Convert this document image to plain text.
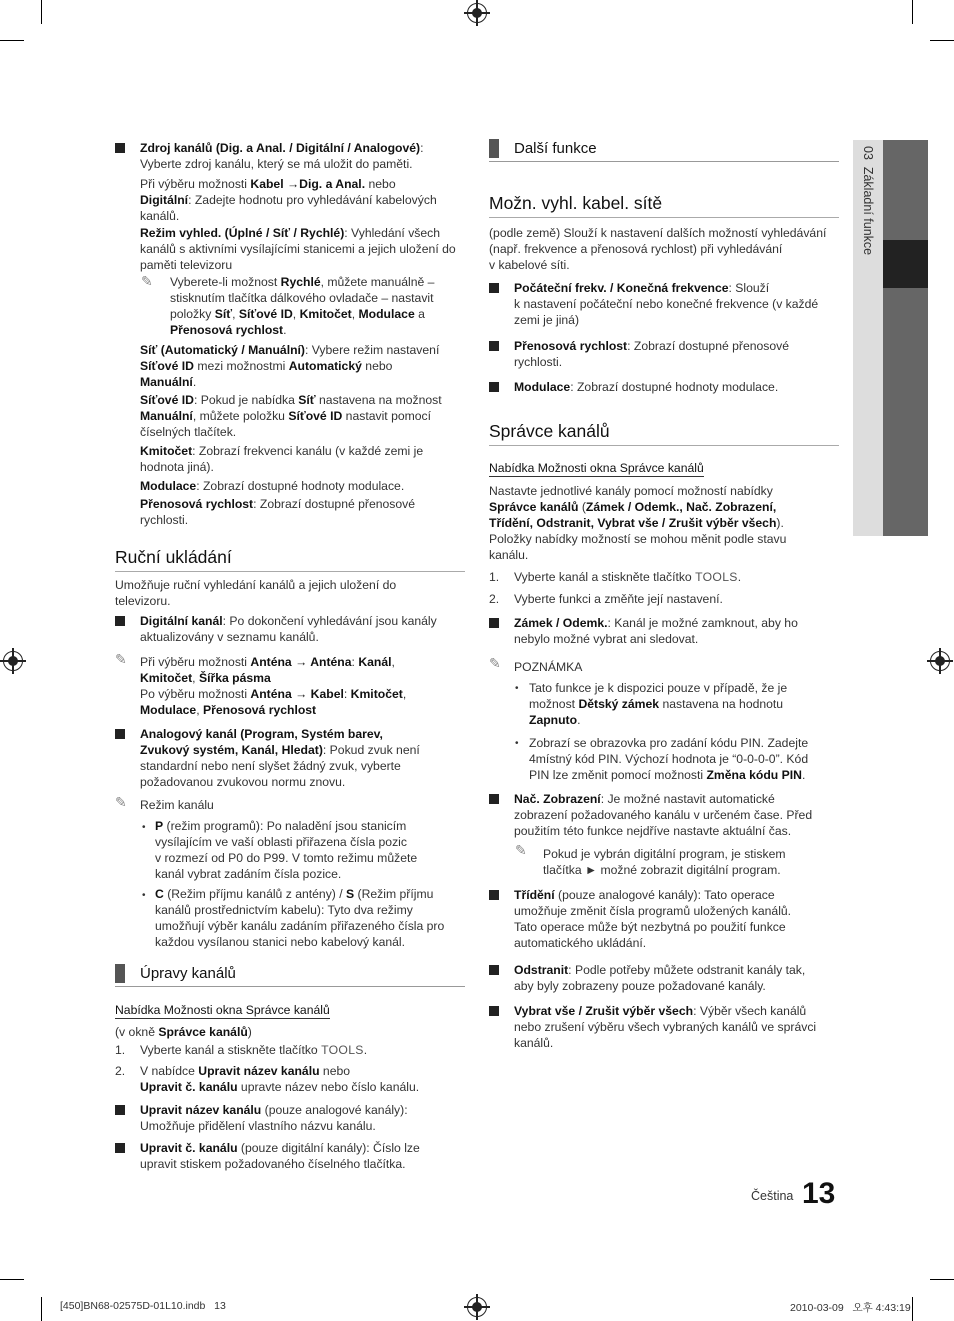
03  Základní funkce

Zdroj kanálů (Dig. a Anal. / Digitální / Analogové):

Vyberte zdroj kanálu, který se má uložit do paměti.

Při výběru možnosti Kabel →Dig. a Anal. nebo

Digitální: Zadejte hodnotu pro vyhledávání kabelových

kanálů.

Režim vyhled. (Úplné / Síť / Rychlé): Vyhledání všech

kanálů s aktivními vysílajícími stanicemi a jejich uložení do

paměti televizoru

✎ Vyberete-li možnost Rychlé, můžete manuálně –

stisknutím tlačítka dálkového ovladače – nastavit

položky Síť, Síťové ID, Kmitočet, Modulace a

Přenosová rychlost.

Síť (Automatický / Manuální): Vybere režim nastavení

Síťové ID mezi možnostmi Automatický nebo

Manuální.

Síťové ID: Pokud je nabídka Síť nastavena na možnost

Manuální, můžete položku Síťové ID nastavit pomocí

číselných tlačítek.

Kmitočet: Zobrazí frekvenci kanálu (v každé zemi je

hodnota jiná).

Modulace: Zobrazí dostupné hodnoty modulace.

Přenosová rychlost: Zobrazí dostupné přenosové

rychlosti.

Ruční ukládání

Umožňuje ruční vyhledání kanálů a jejich uložení do

televizoru.

Digitální kanál: Po dokončení vyhledávání jsou kanály

aktualizovány v seznamu kanálů.

✎ Při výběru možnosti Anténa → Anténa: Kanál,

Kmitočet, Šířka pásma

Po výběru možnosti Anténa → Kabel: Kmitočet,

Modulace, Přenosová rychlost

Analogový kanál (Program, Systém barev,

Zvukový systém, Kanál, Hledat): Pokud zvuk není

standardní nebo není slyšet žádný zvuk, vyberte

požadovanou zvukovou normu znovu.

✎ Režim kanálu
• P (režim programů): Po naladění jsou stanicím

vysílajícím ve vaší oblasti přiřazena čísla pozic

v rozmezí od P0 do P99. V tomto režimu můžete

kanál vybrat zadáním čísla pozice.

• C (Režim příjmu kanálů z antény) / S (Režim příjmu

kanálů prostřednictvím kabelu): Tyto dva režimy

umožňují výběr kanálu zadáním přiřazeného čísla pro

každou vysílanou stanici nebo kabelový kanál.

Úpravy kanálů
Nabídka Možnosti okna Správce kanálů

(v okně Správce kanálů)

1. Vyberte kanál a stiskněte tlačítko TOOLS.

2. V nabídce Upravit název kanálu nebo

Upravit č. kanálu upravte název nebo číslo kanálu.

Upravit název kanálu (pouze analogové kanály):

Umožňuje přidělení vlastního názvu kanálu.

Upravit č. kanálu (pouze digitální kanály): Číslo lze

upravit stiskem požadovaného číselného tlačítka.

Další funkce
Možn. vyhl. kabel. sítě

(podle země) Slouží k nastavení dalších možností vyhledávání

(např. frekvence a přenosová rychlost) při vyhledávání

v kabelové síti.

Počáteční frekv. / Konečná frekvence: Slouží

k nastavení počáteční nebo konečné frekvence (v každé

zemi je jiná)

Přenosová rychlost: Zobrazí dostupné přenosové

rychlosti.

Modulace: Zobrazí dostupné hodnoty modulace.

Správce kanálů
Nabídka Možnosti okna Správce kanálů

Nastavte jednotlivé kanály pomocí možností nabídky

Správce kanálů (Zámek / Odemk., Nač. Zobrazení,

Třídění, Odstranit, Vybrat vše / Zrušit výběr všech).

Položky nabídky možností se mohou měnit podle stavu

kanálu.

1. Vyberte kanál a stiskněte tlačítko TOOLS.

2. Vyberte funkci a změňte její nastavení.

Zámek / Odemk.: Kanál je možné zamknout, aby ho

nebylo možné vybrat ani sledovat.

✎ POZNÁMKA
• Tato funkce je k dispozici pouze v případě, že je

možnost Dětský zámek nastavena na hodnotu

Zapnuto.

• Zobrazí se obrazovka pro zadání kódu PIN. Zadejte

4místný kód PIN. Výchozí hodnota je “0-0-0-0”. Kód

PIN lze změnit pomocí možnosti Změna kódu PIN.

Nač. Zobrazení: Je možné nastavit automatické

zobrazení požadovaného kanálu v určeném čase. Před

použitím této funkce nejdříve nastavte aktuální čas.

✎ Pokud je vybrán digitální program, je stiskem

tlačítka ► možné zobrazit digitální program.

Třídění (pouze analogové kanály): Tato operace

umožňuje změnit čísla programů uložených kanálů.

Tato operace může být nezbytná po použití funkce

automatického ukládání.

Odstranit: Podle potřeby můžete odstranit kanály tak,

aby byly zobrazeny pouze požadované kanály.

Vybrat vše / Zrušit výběr všech: Výběr všech kanálů

nebo zrušení výběru všech vybraných kanálů ve správci

kanálů.

Čeština 13
[450]BN68-02575D-01L10.indb   13	2010-03-09   오후 4:43:19
